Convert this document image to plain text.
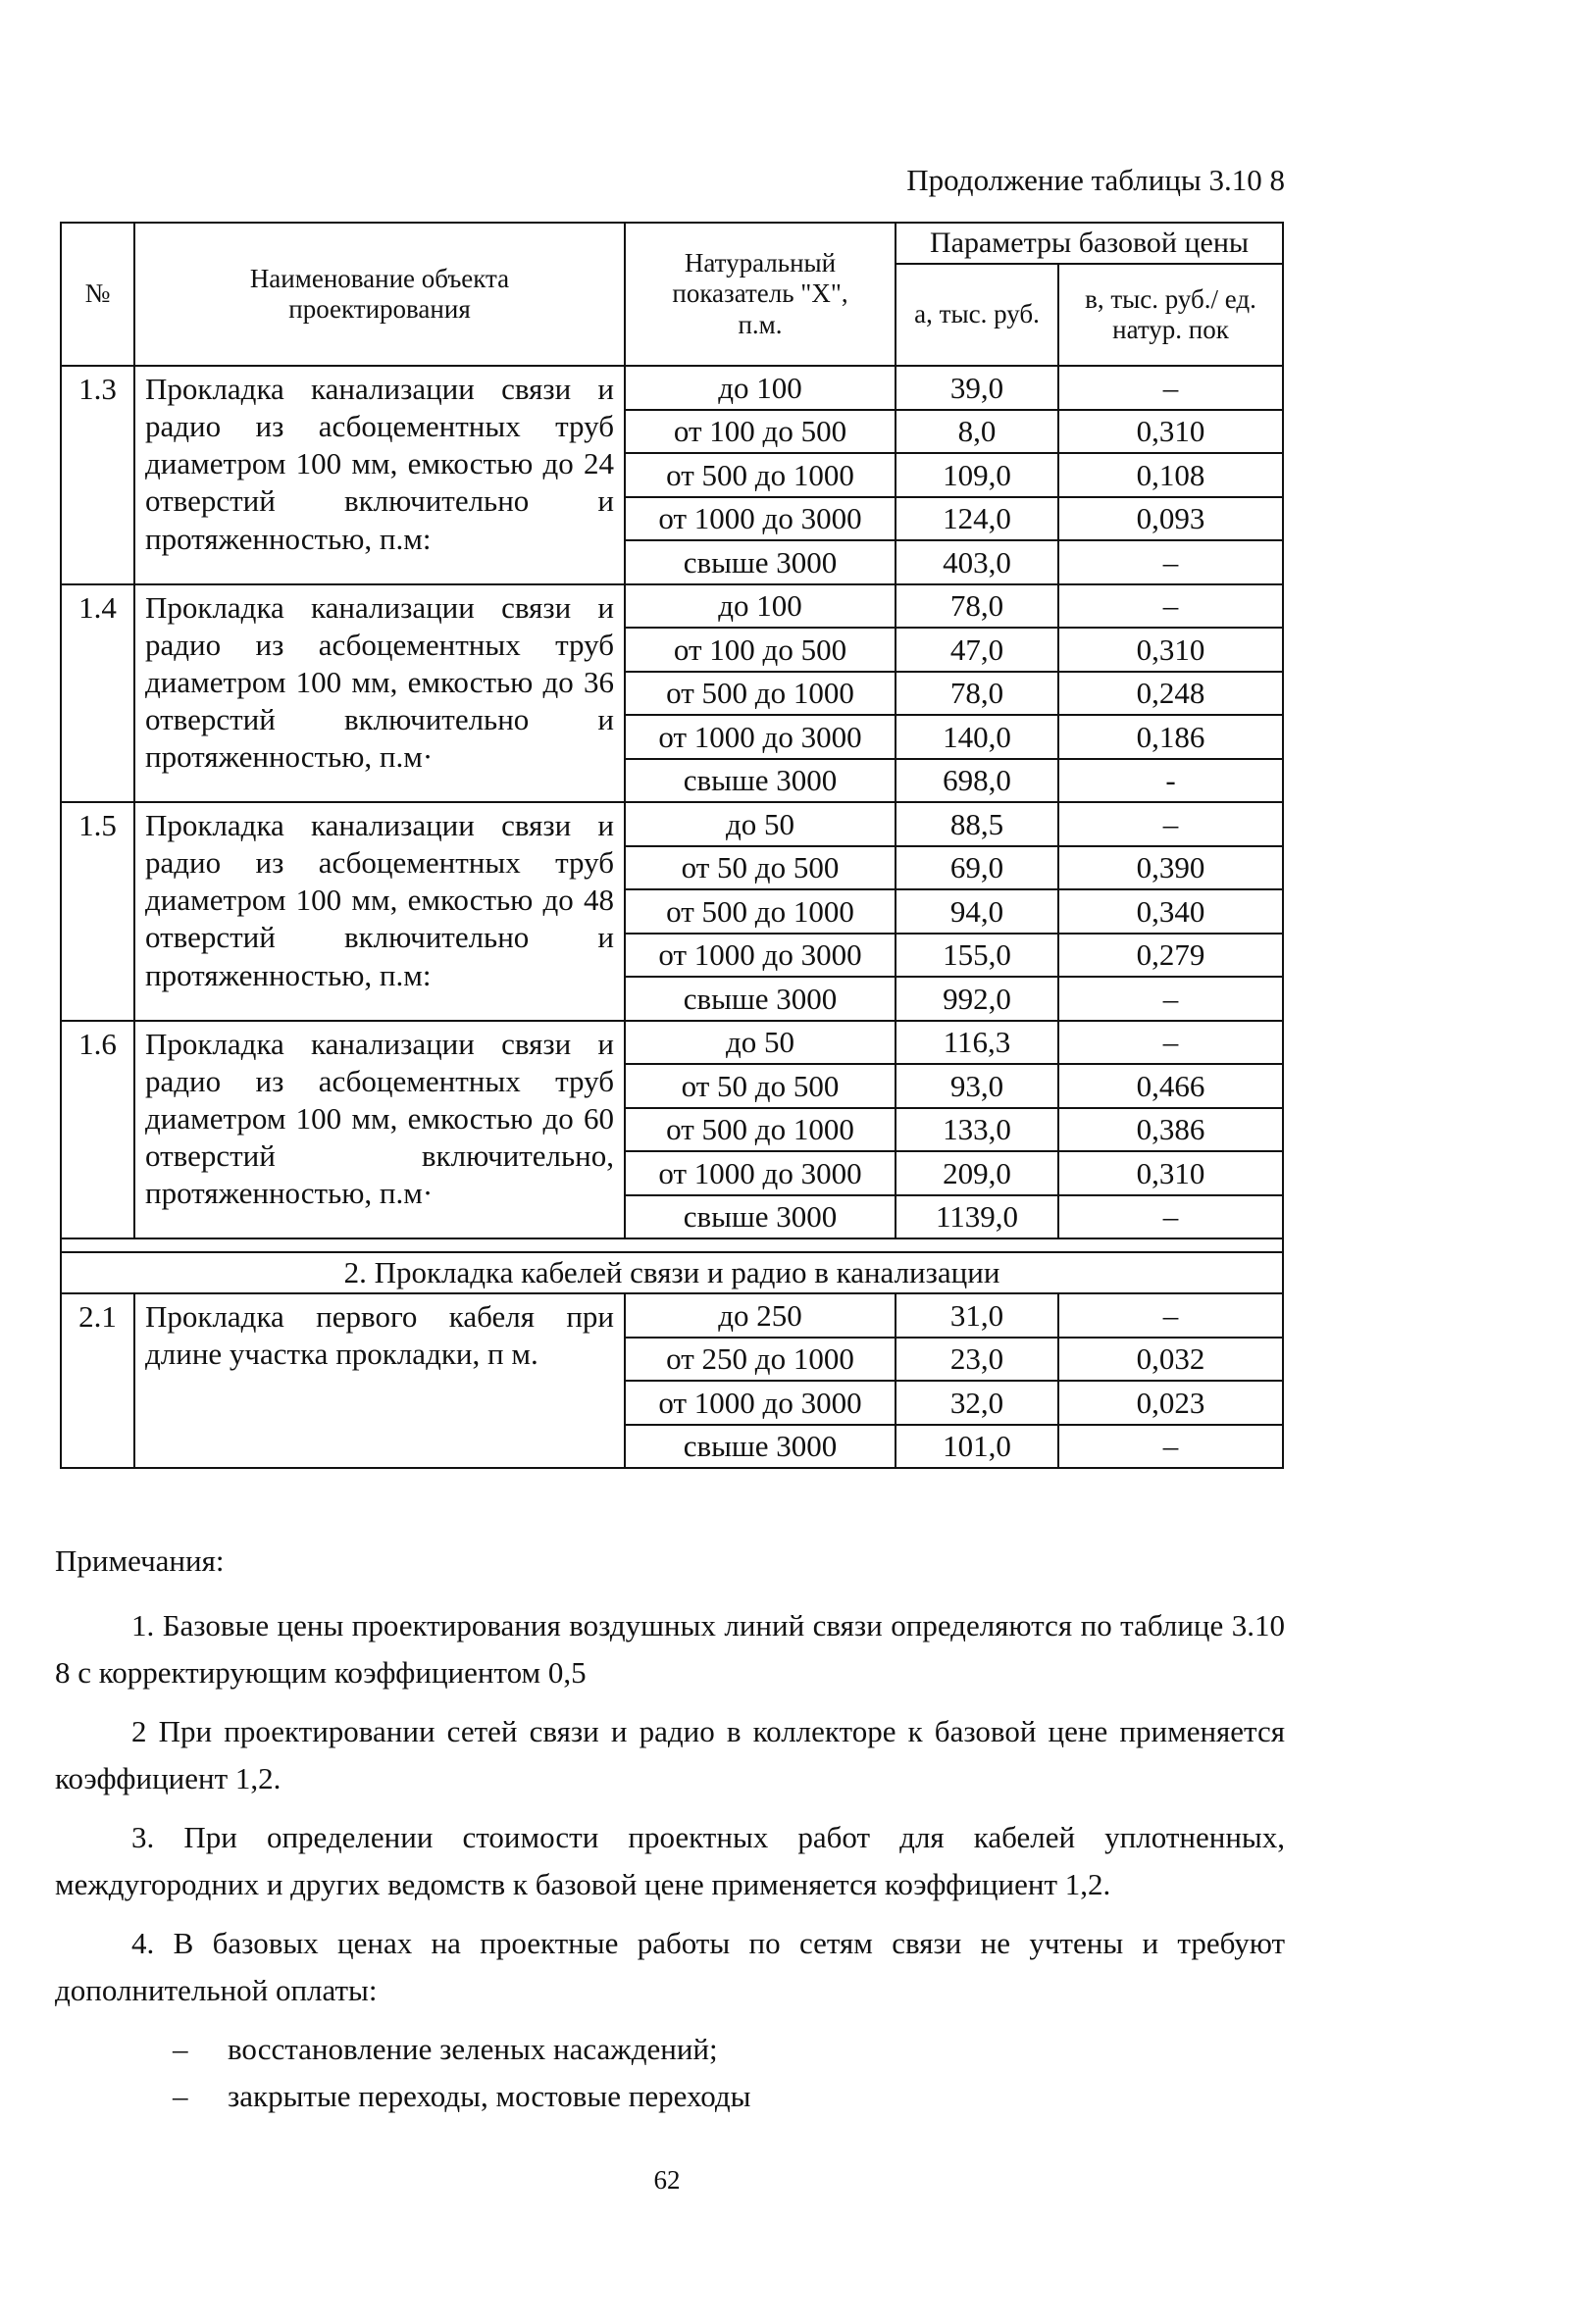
Продолжение таблицы 3.10 8
№	Наименование объекта проектирования	Натуральный показатель "X", п.м.	Параметры базовой цены	
			а, тыс. руб.	в, тыс. руб./ ед. натур. пок
1.3	Прокладка канализации связи и радио из асбоцементных труб диаметром 100 мм, емкостью до 24 отверстий включительно и протяженностью, п.м:	до 100	39,0	–
		от 100 до 500	8,0	0,310
		от 500 до 1000	109,0	0,108
		от 1000 до 3000	124,0	0,093
		свыше 3000	403,0	–
1.4	Прокладка канализации связи и радио из асбоцементных труб диаметром 100 мм, емкостью до 36 отверстий включительно и протяженностью, п.м·	до 100	78,0	–
		от 100 до 500	47,0	0,310
		от 500 до 1000	78,0	0,248
		от 1000 до 3000	140,0	0,186
		свыше 3000	698,0	-
1.5	Прокладка канализации связи и радио из асбоцементных труб диаметром 100 мм, емкостью до 48 отверстий включительно и протяженностью, п.м:	до 50	88,5	–
		от 50 до 500	69,0	0,390
		от 500 до 1000	94,0	0,340
		от 1000 до 3000	155,0	0,279
		свыше 3000	992,0	–
1.6	Прокладка канализации связи и радио из асбоцементных труб диаметром 100 мм, емкостью до 60 отверстий включительно, протяженностью, п.м·	до 50	116,3	–
		от 50 до 500	93,0	0,466
		от 500 до 1000	133,0	0,386
		от 1000 до 3000	209,0	0,310
		свыше 3000	1139,0	–

2. Прокладка кабелей связи и радио в канализации				
2.1	Прокладка первого кабеля при длине участка прокладки, п м.	до 250	31,0	–
		от 250 до 1000	23,0	0,032
		от 1000 до 3000	32,0	0,023
		свыше 3000	101,0	–
Примечания:

1. Базовые цены проектирования воздушных линий связи определяются по таблице 3.10 8 с корректирующим коэффициентом 0,5

2 При проектировании сетей связи и радио в коллекторе к базовой цене применяется коэффициент 1,2.

3. При определении стоимости проектных работ для кабелей уплотненных, междугородних и других ведомств к базовой цене применяется коэффициент 1,2.

4. В базовых ценах на проектные работы по сетям связи не учтены и требуют дополнительной оплаты:

–	восстановление зеленых насаждений;
–	закрытые переходы, мостовые переходы
62
